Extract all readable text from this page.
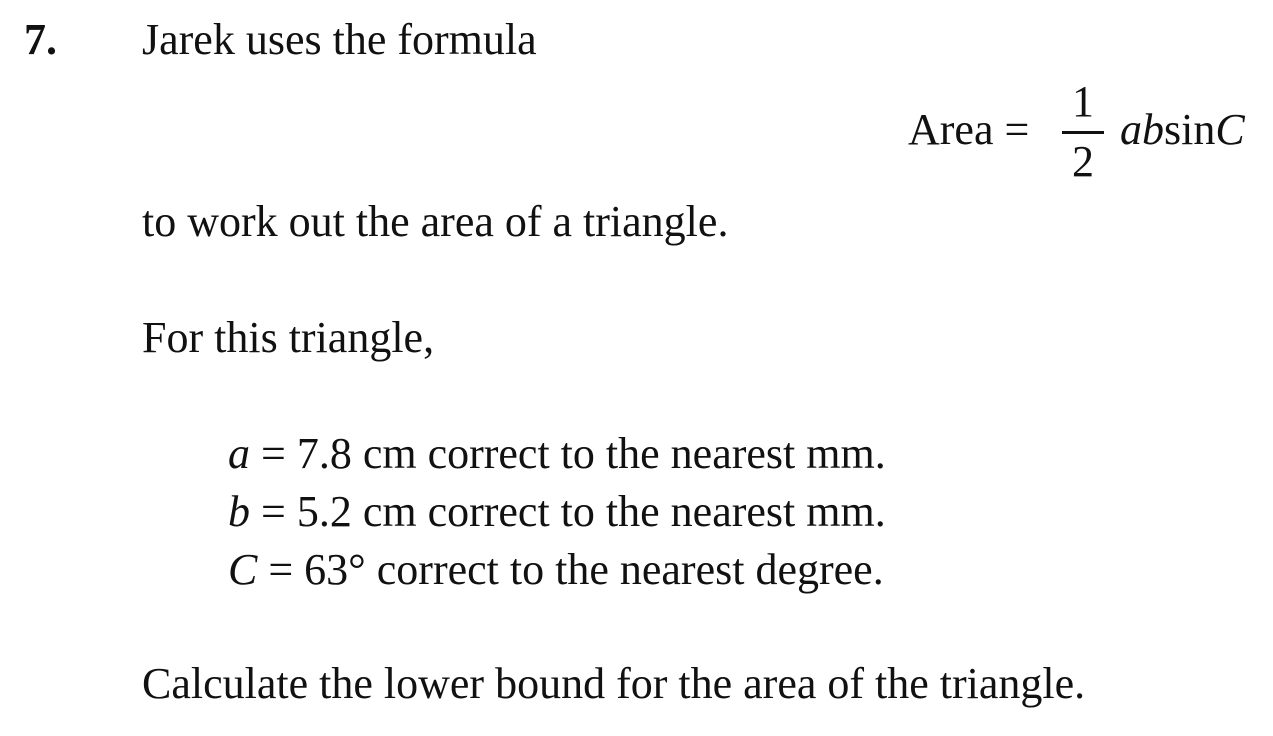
7. Jarek uses the formula
Area =
1
2
absinC
to work out the area of a triangle.
For this triangle,
a = 7.8 cm correct to the nearest mm.
b = 5.2 cm correct to the nearest mm.
C = 63° correct to the nearest degree.
Calculate the lower bound for the area of the triangle.
